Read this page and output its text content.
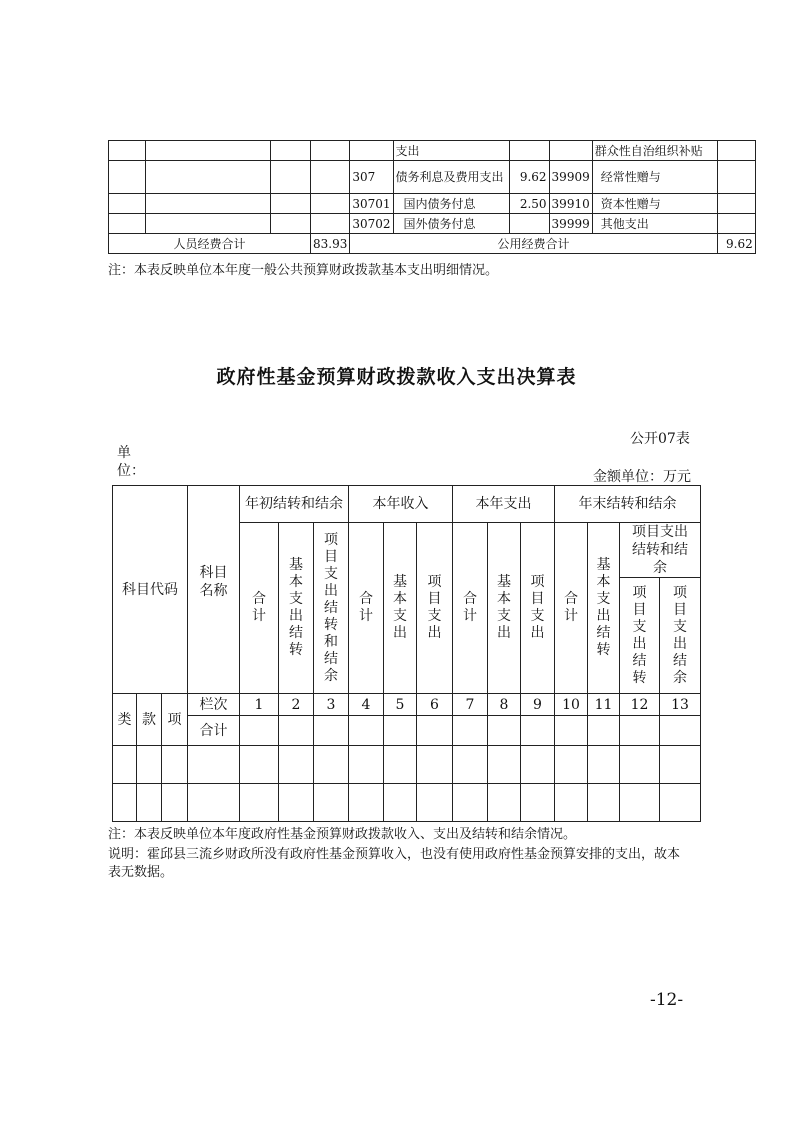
					支出			群众性自治组织补贴	
				307	债务利息及费用支出	9.62	39909	经常性赠与	
				30701	国内债务付息	2.50	39910	资本性赠与	
				30702	国外债务付息		39999	其他支出	
人员经费合计			83.93	公用经费合计					9.62
注：本表反映单位本年度一般公共预算财政拨款基本支出明细情况。
政府性基金预算财政拨款收入支出决算表
公开07表
单位：	金额单位：万元
科目代码			科目名称	年初结转和结余			本年收入			本年支出			年末结转和结余			
				合计	基本支出结转	项目支出结转和结余	合计	基本支出	项目支出	合计	基本支出	项目支出	合计	基本支出结转	项目支出结转和结余	
															项目支出结转	项目支出结余
类	款	项	栏次	1	2	3	4	5	6	7	8	9	10	11	12	13
			合计													

注：本表反映单位本年度政府性基金预算财政拨款收入、支出及结转和结余情况。
说明：霍邱县三流乡财政所没有政府性基金预算收入，也没有使用政府性基金预算安排的支出，故本表无数据。
-12-
